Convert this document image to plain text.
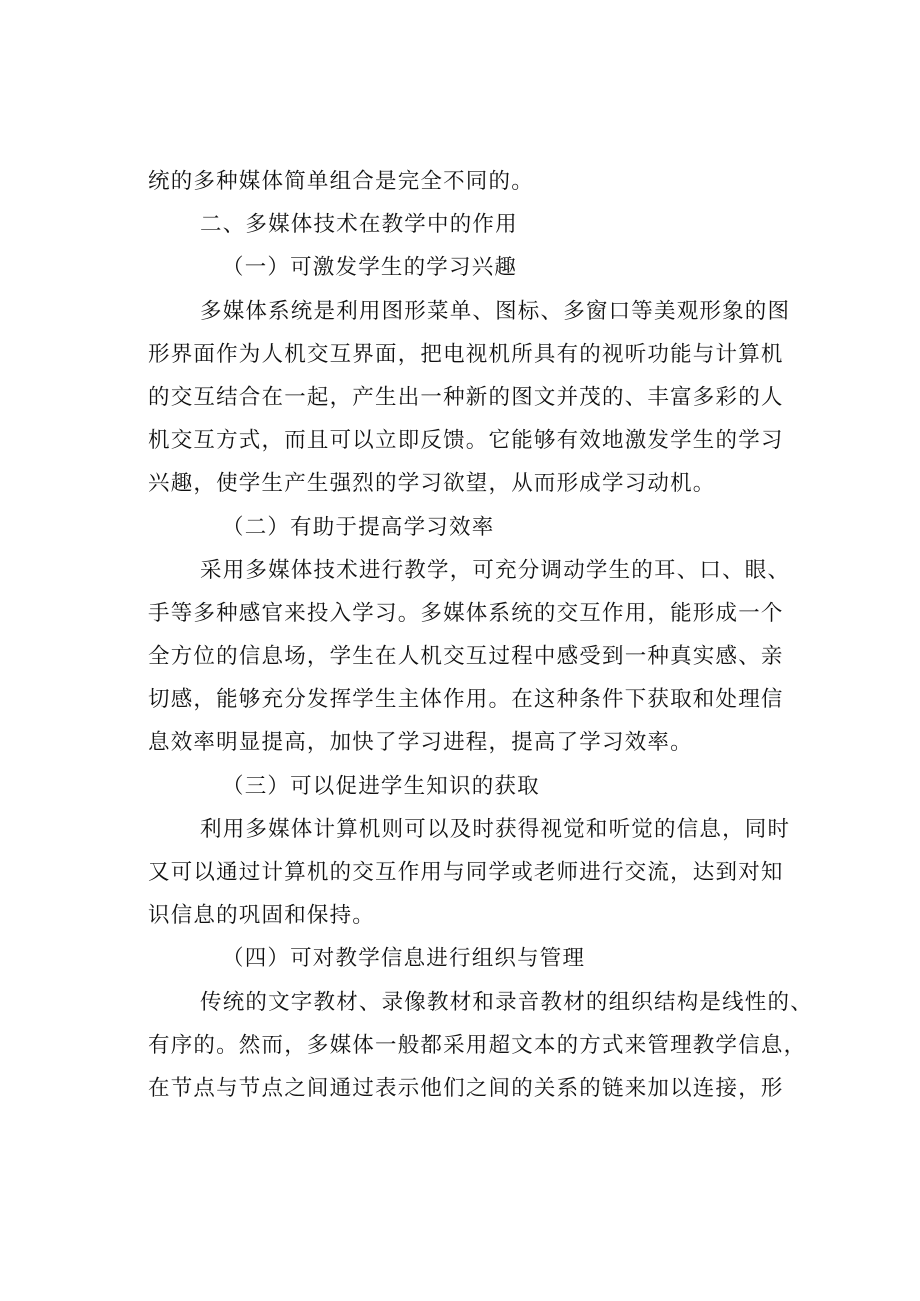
统的多种媒体简单组合是完全不同的。
二、多媒体技术在教学中的作用
（一）可激发学生的学习兴趣
多媒体系统是利用图形菜单、图标、多窗口等美观形象的图
形界面作为人机交互界面，把电视机所具有的视听功能与计算机
的交互结合在一起，产生出一种新的图文并茂的、丰富多彩的人
机交互方式，而且可以立即反馈。它能够有效地激发学生的学习
兴趣，使学生产生强烈的学习欲望，从而形成学习动机。
（二）有助于提高学习效率
采用多媒体技术进行教学，可充分调动学生的耳、口、眼、
手等多种感官来投入学习。多媒体系统的交互作用，能形成一个
全方位的信息场，学生在人机交互过程中感受到一种真实感、亲
切感，能够充分发挥学生主体作用。在这种条件下获取和处理信
息效率明显提高，加快了学习进程，提高了学习效率。
（三）可以促进学生知识的获取
利用多媒体计算机则可以及时获得视觉和听觉的信息，同时
又可以通过计算机的交互作用与同学或老师进行交流，达到对知
识信息的巩固和保持。
（四）可对教学信息进行组织与管理
传统的文字教材、录像教材和录音教材的组织结构是线性的、
有序的。然而，多媒体一般都采用超文本的方式来管理教学信息，
在节点与节点之间通过表示他们之间的关系的链来加以连接，形
